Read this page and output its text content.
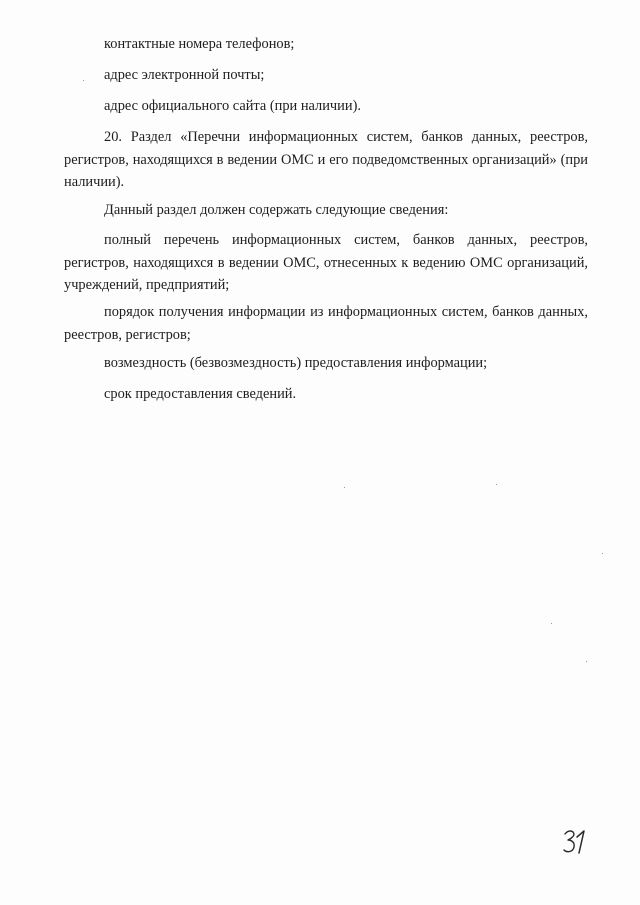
контактные номера телефонов;

адрес электронной почты;

адрес официального сайта (при наличии).

20. Раздел «Перечни информационных систем, банков данных, реестров, регистров, находящихся в ведении ОМС и его подведомственных организаций» (при наличии).

Данный раздел должен содержать следующие сведения:

полный перечень информационных систем, банков данных, реестров, регистров, находящихся в ведении ОМС, отнесенных к ведению ОМС организаций, учреждений, предприятий;

порядок получения информации из информационных систем, банков данных, реестров, регистров;

возмездность (безвозмездность) предоставления информации;

срок предоставления сведений.
